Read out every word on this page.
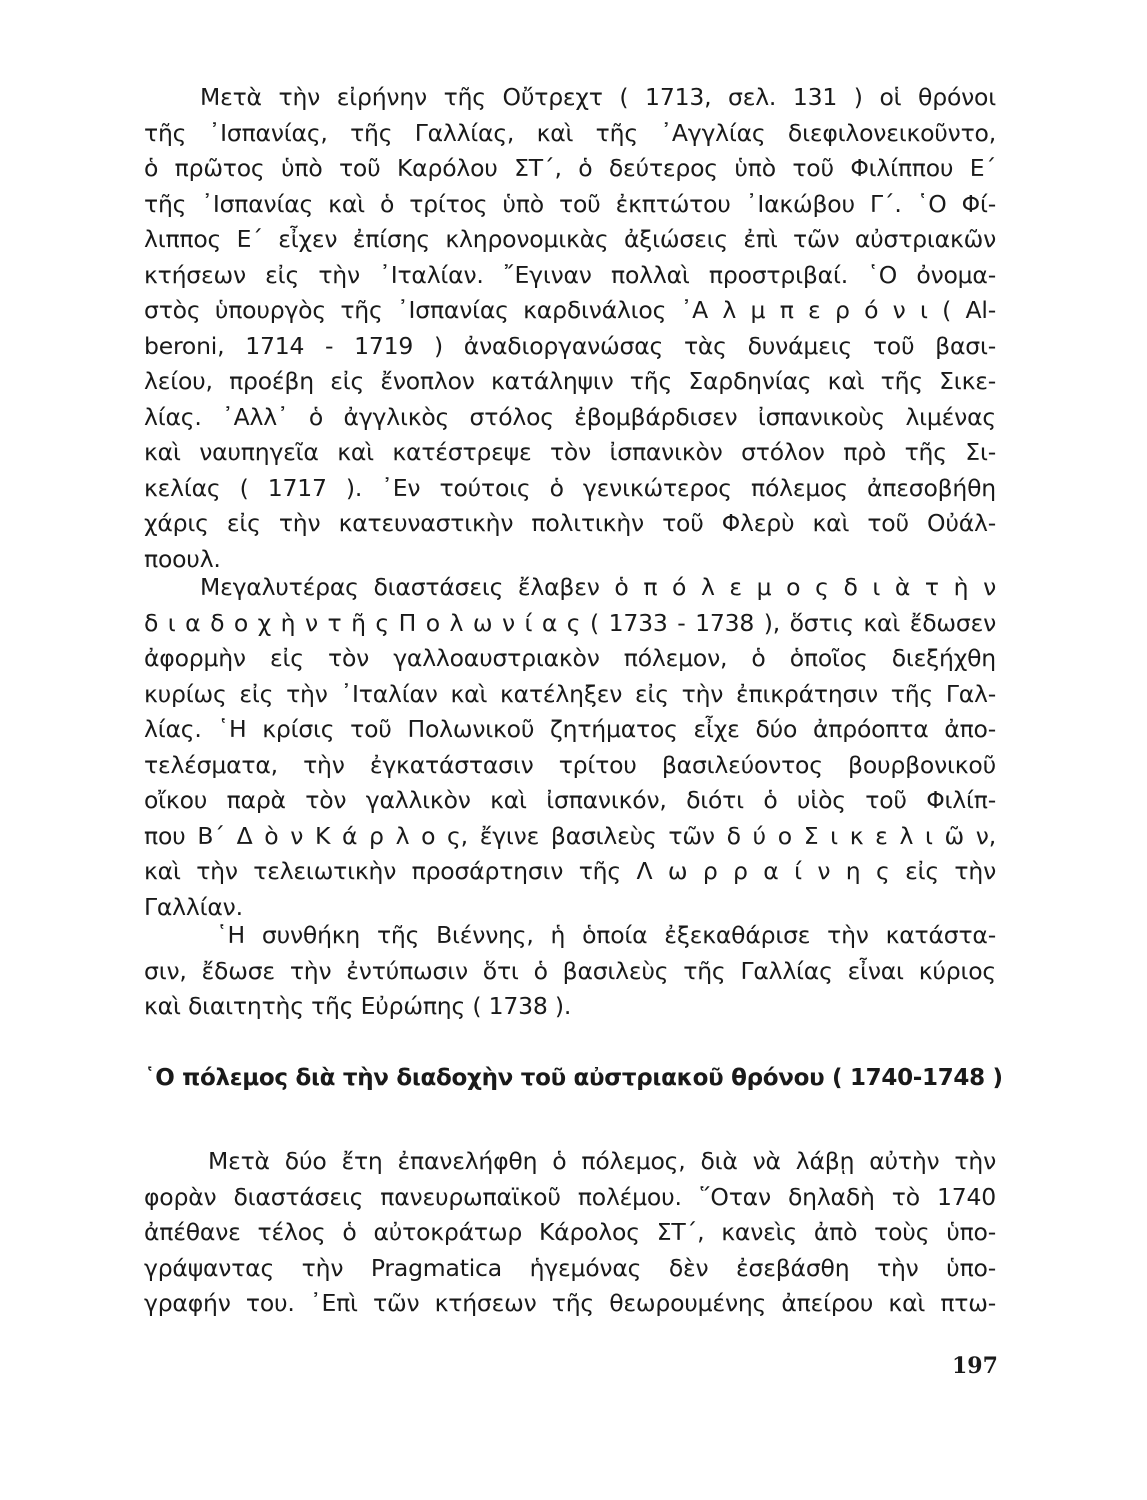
Μετὰ τὴν εἰρήνην τῆς Οὔτρεχτ ( 1713, σελ. 131 ) οἱ θρόνοι
τῆς ᾿Ισπανίας, τῆς Γαλλίας, καὶ τῆς ᾿Αγγλίας διεφιλονεικοῦντο,
ὁ πρῶτος ὑπὸ τοῦ Καρόλου ΣΤ΄, ὁ δεύτερος ὑπὸ τοῦ Φιλίππου Ε΄
τῆς ᾿Ισπανίας καὶ ὁ τρίτος ὑπὸ τοῦ ἐκπτώτου ᾿Ιακώβου Γ΄. ῾Ο Φί-
λιππος Ε΄ εἶχεν ἐπίσης κληρονομικὰς ἀξιώσεις ἐπὶ τῶν αὐστριακῶν
κτήσεων εἰς τὴν ᾿Ιταλίαν. ῎Εγιναν πολλαὶ προστριβαί. ῾Ο ὀνομα-
στὸς ὑπουργὸς τῆς ᾿Ισπανίας καρδινάλιος ᾿Α λ μ π ε ρ ό ν ι ( Al-
beroni, 1714 - 1719 ) ἀναδιοργανώσας τὰς δυνάμεις τοῦ βασι-
λείου, προέβη εἰς ἔνοπλον κατάληψιν τῆς Σαρδηνίας καὶ τῆς Σικε-
λίας. ᾿Αλλ᾿ ὁ ἀγγλικὸς στόλος ἐβομβάρδισεν ἰσπανικοὺς λιμένας
καὶ ναυπηγεῖα καὶ κατέστρεψε τὸν ἰσπανικὸν στόλον πρὸ τῆς Σι-
κελίας ( 1717 ). ᾿Εν τούτοις ὁ γενικώτερος πόλεμος ἀπεσοβήθη
χάρις εἰς τὴν κατευναστικὴν πολιτικὴν τοῦ Φλερὺ καὶ τοῦ Οὐάλ-
ποουλ.
Μεγαλυτέρας διαστάσεις ἔλαβεν ὁ π ό λ ε μ ο ς δ ι ὰ τ ὴ ν
δ ι α δ ο χ ὴ ν τ ῆ ς Π ο λ ω ν ί α ς ( 1733 - 1738 ), ὅστις καὶ ἔδωσεν
ἀφορμὴν εἰς τὸν γαλλοαυστριακὸν πόλεμον, ὁ ὁποῖος διεξήχθη
κυρίως εἰς τὴν ᾿Ιταλίαν καὶ κατέληξεν εἰς τὴν ἐπικράτησιν τῆς Γαλ-
λίας. ῾Η κρίσις τοῦ Πολωνικοῦ ζητήματος εἶχε δύο ἀπρόοπτα ἀπο-
τελέσματα, τὴν ἐγκατάστασιν τρίτου βασιλεύοντος βουρβονικοῦ
οἴκου παρὰ τὸν γαλλικὸν καὶ ἰσπανικόν, διότι ὁ υἱὸς τοῦ Φιλίπ-
που Β΄ Δ ὸ ν Κ ά ρ λ ο ς, ἔγινε βασιλεὺς τῶν δ ύ ο Σ ι κ ε λ ι ῶ ν,
καὶ τὴν τελειωτικὴν προσάρτησιν τῆς Λ ω ρ ρ α ί ν η ς εἰς τὴν
Γαλλίαν.
῾Η συνθήκη τῆς Βιέννης, ἡ ὁποία ἐξεκαθάρισε τὴν κατάστα-
σιν, ἔδωσε τὴν ἐντύπωσιν ὅτι ὁ βασιλεὺς τῆς Γαλλίας εἶναι κύριος
καὶ διαιτητὴς τῆς Εὐρώπης ( 1738 ).
῾Ο πόλεμος διὰ τὴν διαδοχὴν τοῦ αὐστριακοῦ θρόνου ( 1740-1748 )
Μετὰ δύο ἔτη ἐπανελήφθη ὁ πόλεμος, διὰ νὰ λάβῃ αὐτὴν τὴν
φορὰν διαστάσεις πανευρωπαϊκοῦ πολέμου. ῞Οταν δηλαδὴ τὸ 1740
ἀπέθανε τέλος ὁ αὐτοκράτωρ Κάρολος ΣΤ΄, κανεὶς ἀπὸ τοὺς ὑπο-
γράψαντας τὴν Pragmatica ἡγεμόνας δὲν ἐσεβάσθη τὴν ὑπο-
γραφήν του. ᾿Επὶ τῶν κτήσεων τῆς θεωρουμένης ἀπείρου καὶ πτω-
197
